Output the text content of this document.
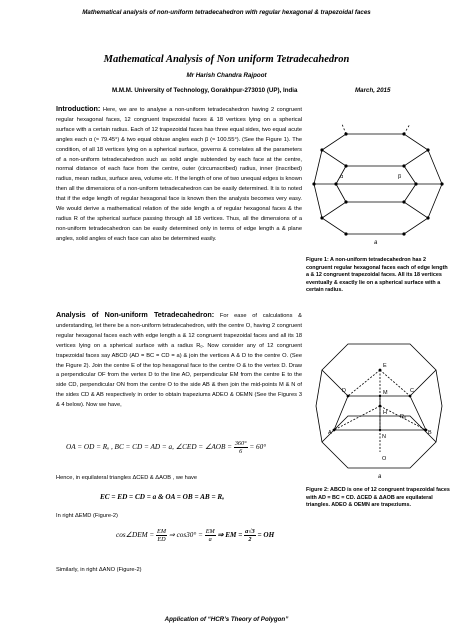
Mathematical analysis of non-uniform tetradecahedron with regular hexagonal & trapezoidal faces
Mathematical Analysis of Non uniform Tetradecahedron
Mr Harish Chandra Rajpoot
M.M.M. University of Technology, Gorakhpur-273010 (UP), India	March, 2015

Introduction: Here, we are to analyse a non-uniform tetradecahedron having 2 congruent regular hexagonal faces, 12 congruent trapezoidal faces & 18 vertices lying on a spherical surface with a certain radius. Each of 12 trapezoidal faces has three equal sides, two equal acute angles each α (≈ 79.45°) & two equal obtuse angles each β (≈ 100.55°). (See the Figure 1). The condition, of all 18 vertices lying on a spherical surface, governs & correlates all the parameters of a non-uniform tetradecahedron such as solid angle subtended by each face at the centre, normal distance of each face from the centre, outer (circumscribed) radius, inner (inscribed) radius, mean radius, surface area, volume etc. If the length of one of two unequal edges is known then all the dimensions of a non-uniform tetradecahedron can be easily determined. It is to noted that if the edge length of regular hexagonal face is known then the analysis becomes very easy. We would derive a mathematical relation of the side length a of regular hexagonal faces & the radius R of the spherical surface passing through all 18 vertices. Thus, all the dimensions of a non-uniform tetradecahedron can be easily determined only in terms of edge length a & plane angles, solid angles of each face can also be determined easily.

α	β
a

Figure 1: A non-uniform tetradecahedron has 2 congruent regular hexagonal faces each of edge length a & 12 congruent trapezoidal faces. All its 18 vertices eventually & exactly lie on a spherical surface with a certain radius.

Analysis of Non-uniform Tetradecahedron: For ease of calculations & understanding, let there be a non-uniform tetradecahedron, with the centre O, having 2 congruent regular hexagonal faces each with edge length a & 12 congruent trapezoidal faces and all its 18 vertices lying on a spherical surface with a radius Rₒ. Now consider any of 12 congruent trapezoidal faces say ABCD (AD = BC = CD = a) & join the vertices A & D to the centre O. (See the Figure 2). Join the centre E of the top hexagonal face to the centre O & to the vertex D. Draw a perpendicular OF from the vertex D to the line AO, perpendicular EM from the centre E to the side CD, perpendicular ON from the centre O to the side AB & then join the mid-points M & N of the sides CD & AB respectively in order to obtain trapeziums ADEO & OEMN (See the Figures 3 & 4 below). Now we have,

E
C
D	M
H
A	B
N
O
Rₒ
a

Figure 2: ABCD is one of 12 congruent trapezoidal faces with AD = BC = CD. ΔCED & ΔAOB are equilateral triangles. ADEO & OEMN are trapeziums.

OA = OD = Rₒ , BC = CD = AD = a, ∠CED = ∠AOB = $\frac{360^\circ}{6} = 60^\circ$
Hence, in equilateral triangles ΔCED & ΔAOB , we have
EC = ED = CD = a & OA = OB = AB = Rₒ
In right ΔEMD (Figure-2)
cos∠DEM = $\frac{EM}{ED}$ ⇒ $\cos 30^\circ = \frac{EM}{a}$ ⇒ EM = $\frac{a√3}{2}$ = OH
Similarly, in right ΔANO (Figure-2)
Application of “HCR’s Theory of Polygon”
